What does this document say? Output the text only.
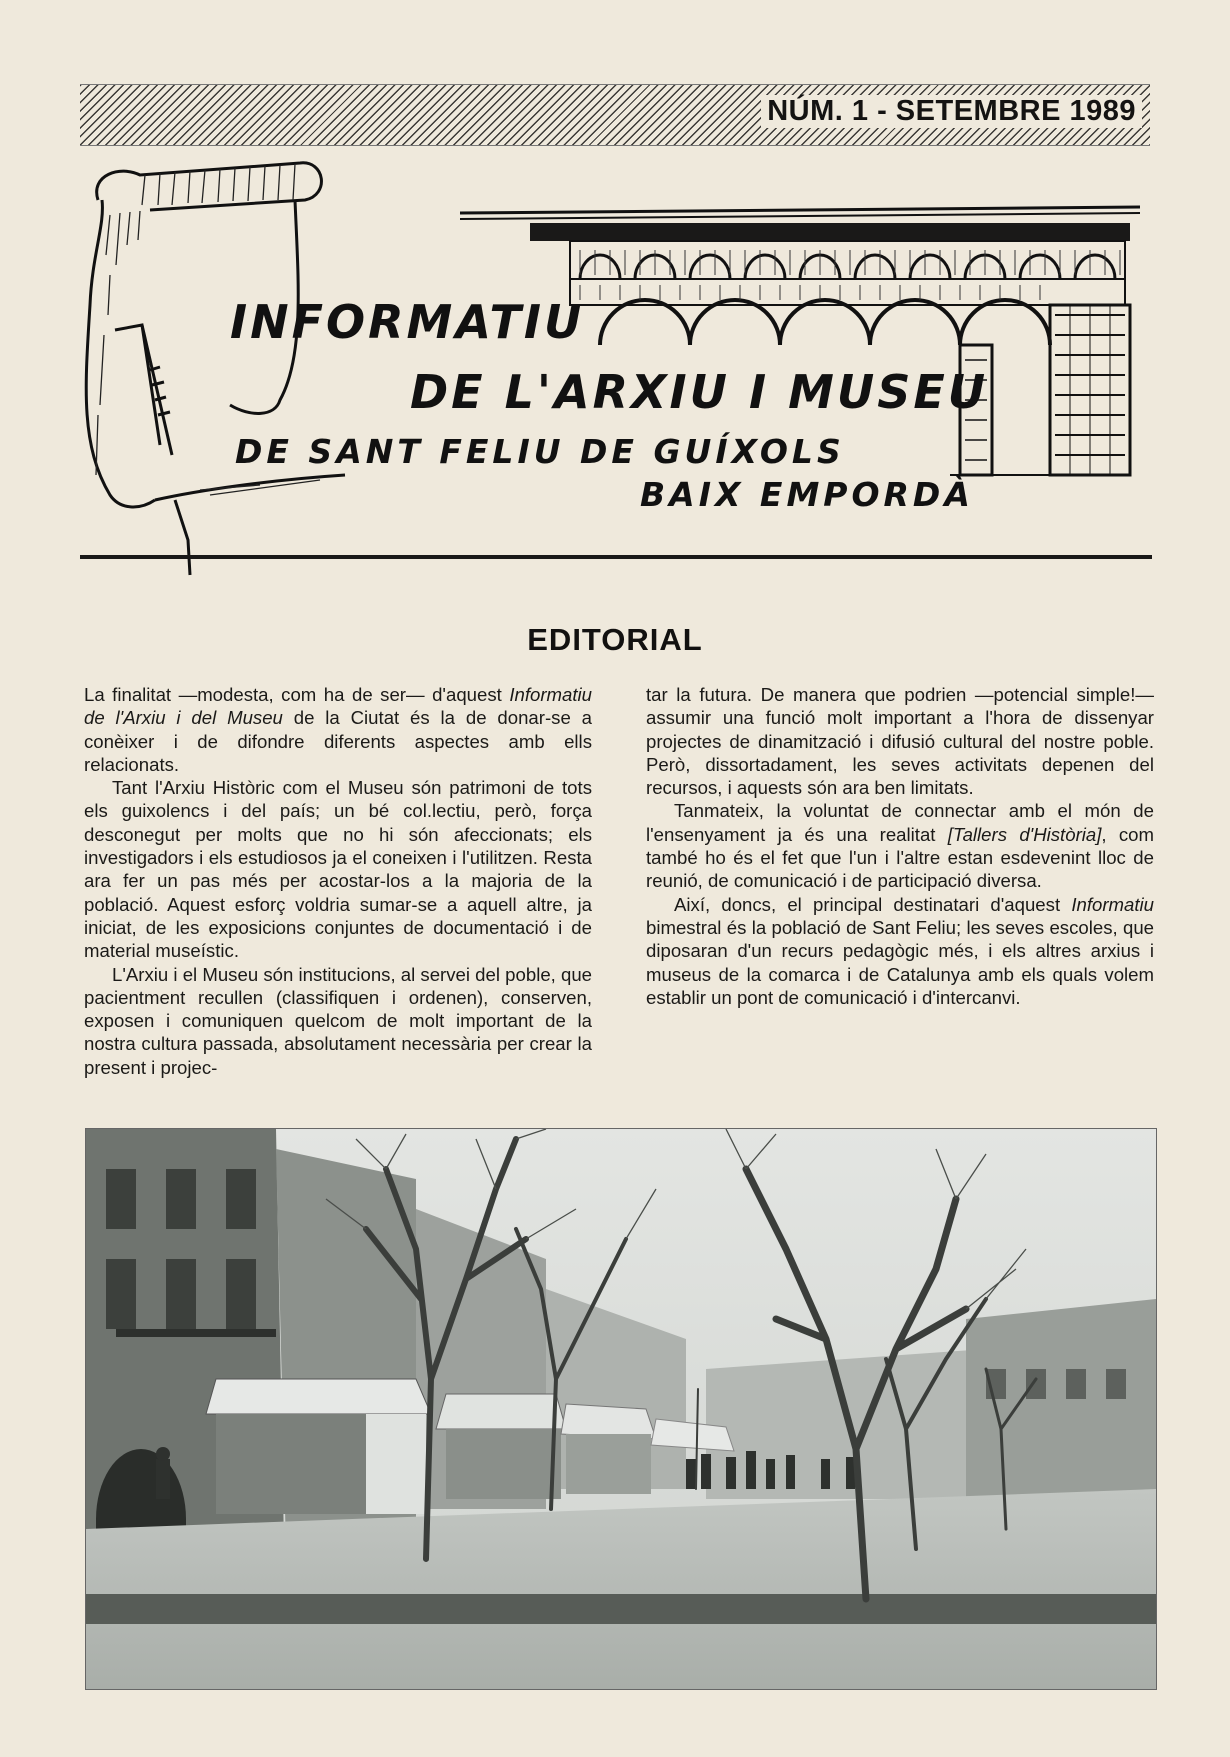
NÚM. 1 - SETEMBRE 1989
INFORMATIU
DE L'ARXIU I MUSEU
DE SANT FELIU DE GUÍXOLS
BAIX EMPORDÀ
EDITORIAL

La finalitat —modesta, com ha de ser— d'aquest Informatiu de l'Arxiu i del Museu de la Ciutat és la de donar-se a conèixer i de difondre diferents aspectes amb ells relacionats.

Tant l'Arxiu Històric com el Museu són patrimoni de tots els guixolencs i del país; un bé col.lectiu, però, força desconegut per molts que no hi són afeccionats; els investigadors i els estudiosos ja el coneixen i l'utilitzen. Resta ara fer un pas més per acostar-los a la majoria de la població. Aquest esforç voldria sumar-se a aquell altre, ja iniciat, de les exposicions conjuntes de documentació i de material museístic.

L'Arxiu i el Museu són institucions, al servei del poble, que pacientment recullen (classifiquen i ordenen), conserven, exposen i comuniquen quelcom de molt important de la nostra cultura passada, absolutament necessària per crear la present i projec-

tar la futura. De manera que podrien —potencial simple!— assumir una funció molt important a l'hora de dissenyar projectes de dinamització i difusió cultural del nostre poble. Però, dissortadament, les seves activitats depenen del recursos, i aquests són ara ben limitats.

Tanmateix, la voluntat de connectar amb el món de l'ensenyament ja és una realitat [Tallers d'Història], com també ho és el fet que l'un i l'altre estan esdevenint lloc de reunió, de comunicació i de participació diversa.

Així, doncs, el principal destinatari d'aquest Informatiu bimestral és la població de Sant Feliu; les seves escoles, que diposaran d'un recurs pedagògic més, i els altres arxius i museus de la comarca i de Catalunya amb els quals volem establir un pont de comunicació i d'intercanvi.
